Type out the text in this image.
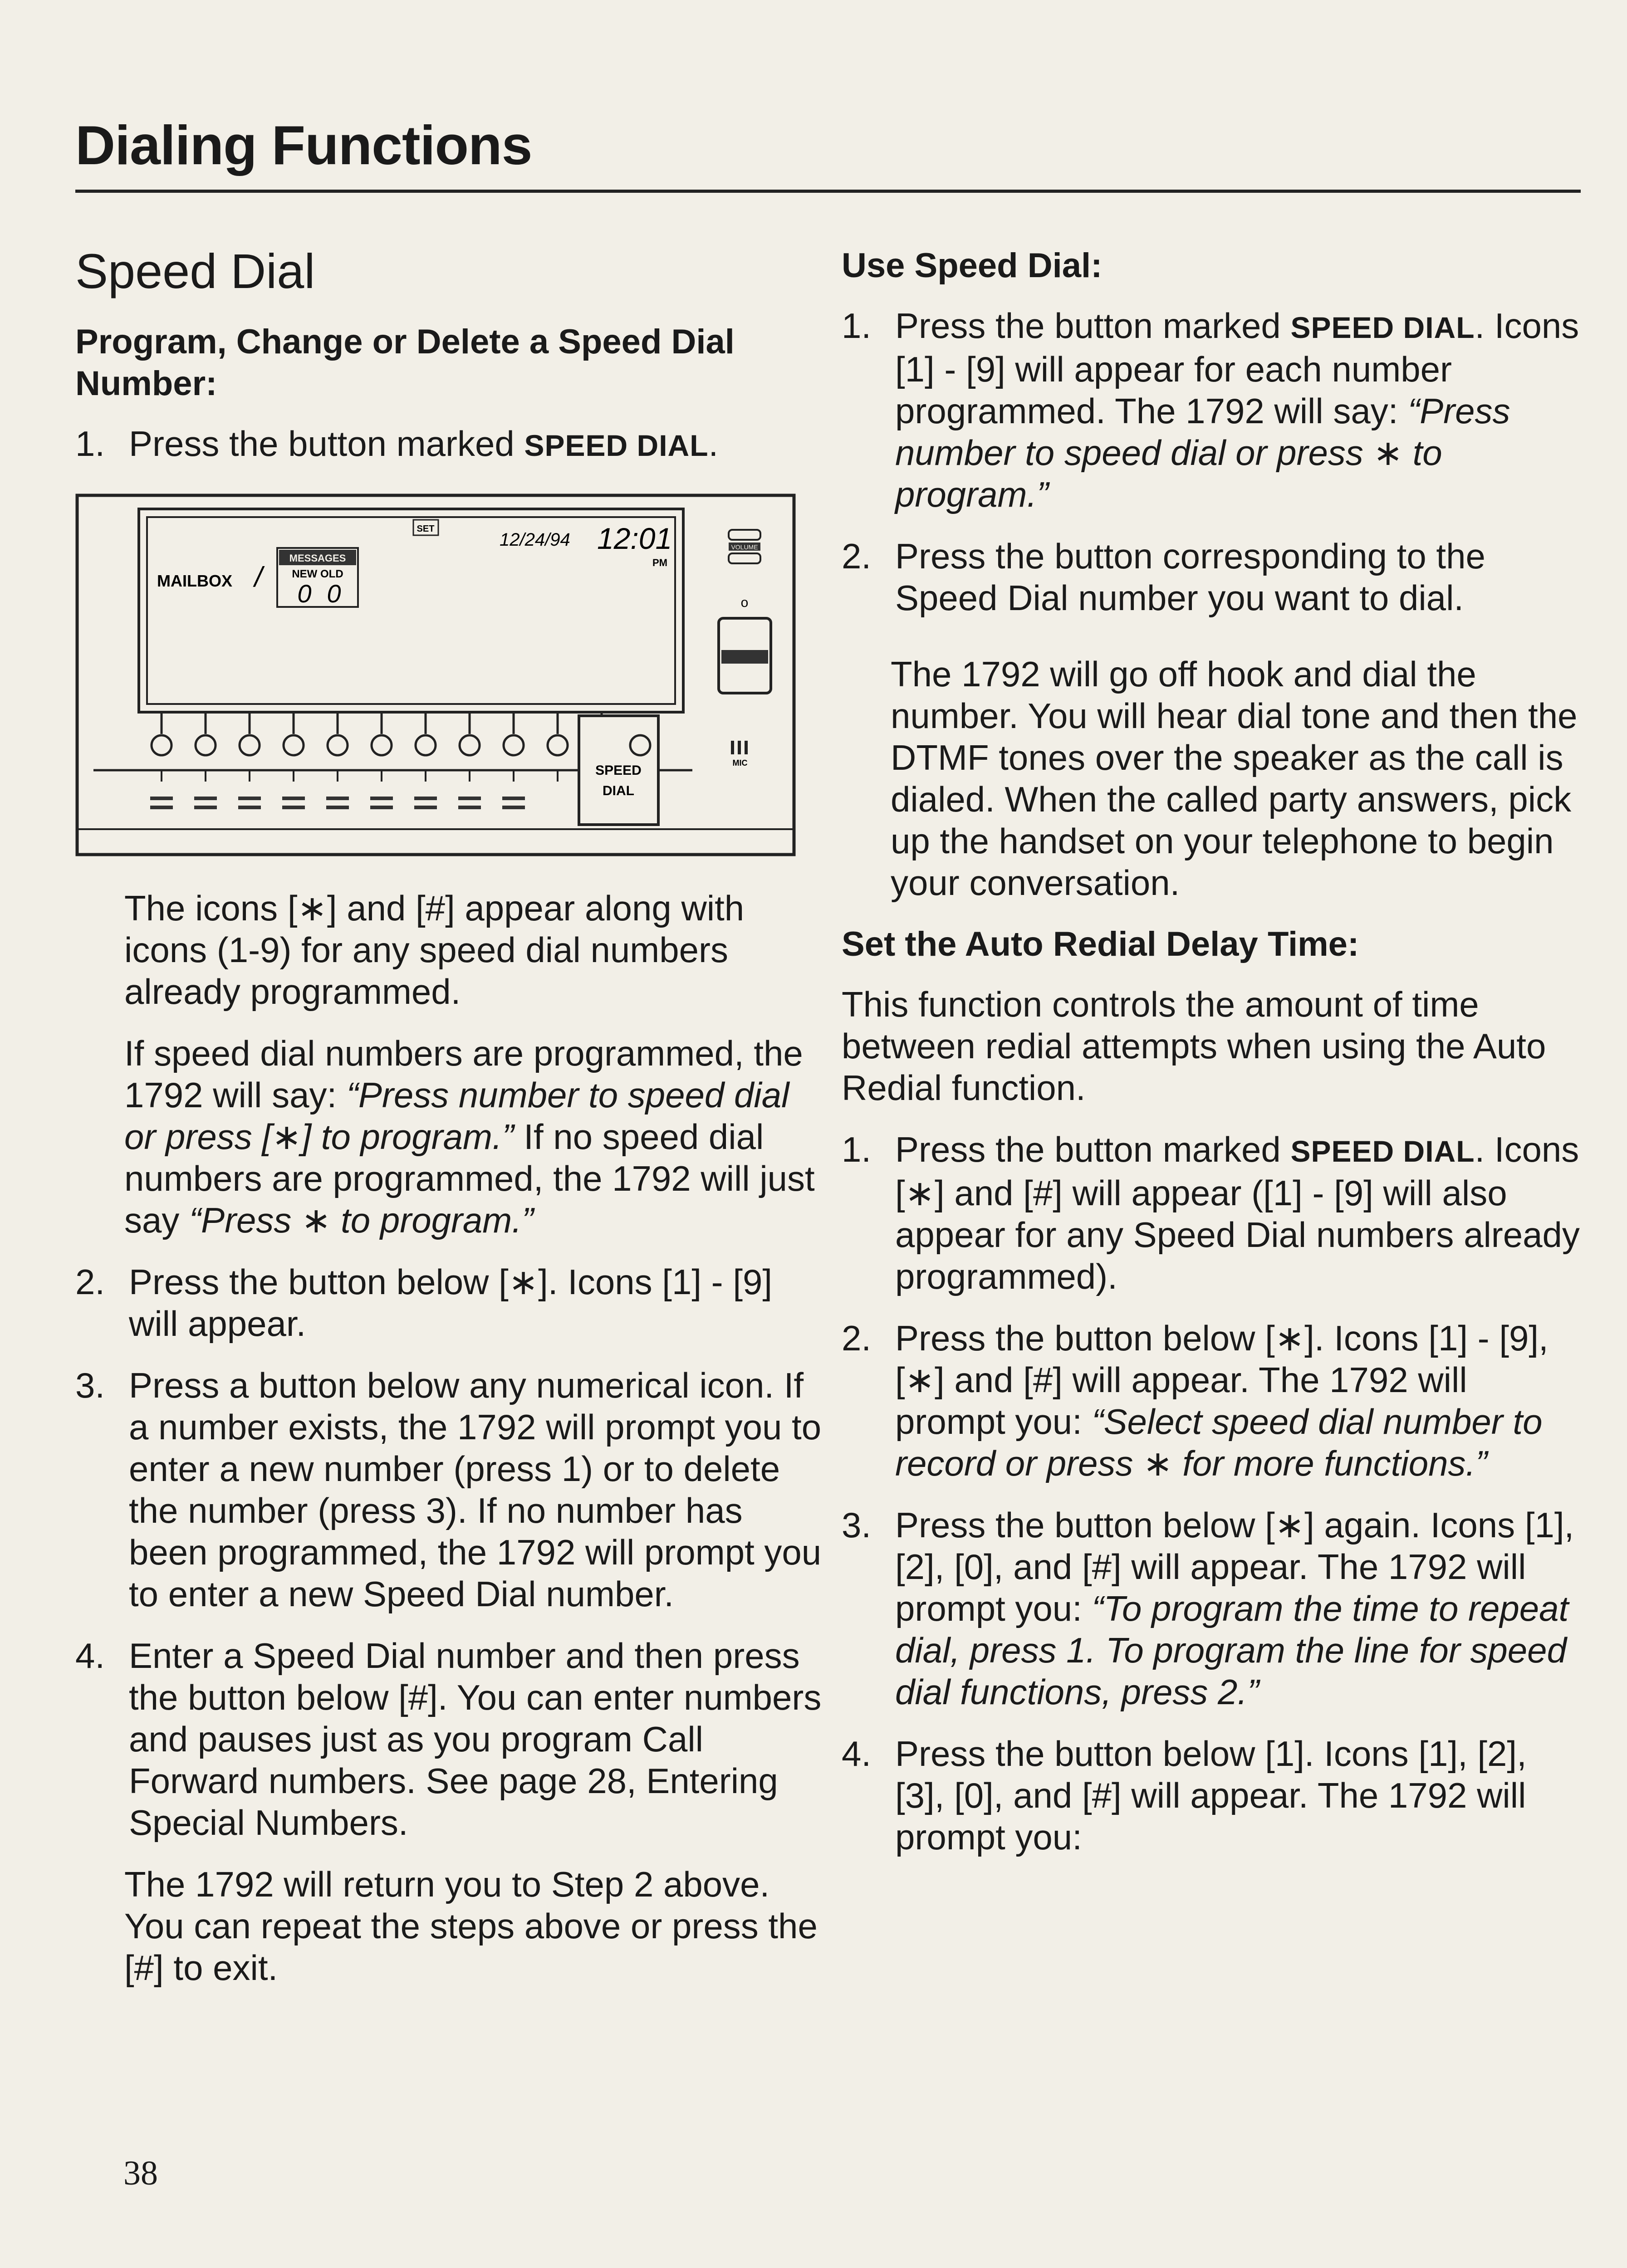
Dialing Functions
Speed Dial
Program, Change or Delete a Speed Dial Number:
1. Press the button marked SPEED DIAL.
MAILBOX /
MESSAGES
NEW OLD
0 0
SET
12/24/94 12:01
PM
VOLUME
o
SPEED
DIAL
MIC
The icons [∗] and [#] appear along with icons (1-9) for any speed dial numbers already programmed.
If speed dial numbers are programmed, the 1792 will say: “Press number to speed dial or press [∗] to program.” If no speed dial numbers are programmed, the 1792 will just say “Press ∗ to program.”
2. Press the button below [∗]. Icons [1] - [9] will appear.
3. Press a button below any numerical icon. If a number exists, the 1792 will prompt you to enter a new number (press 1) or to delete the number (press 3). If no number has been programmed, the 1792 will prompt you to enter a new Speed Dial number.
4. Enter a Speed Dial number and then press the button below [#]. You can enter numbers and pauses just as you program Call Forward numbers. See page 28, Entering Special Numbers.
The 1792 will return you to Step 2 above. You can repeat the steps above or press the [#] to exit.
Use Speed Dial:
1. Press the button marked SPEED DIAL. Icons [1] - [9] will appear for each number programmed. The 1792 will say: “Press number to speed dial or press ∗ to program.”
2. Press the button corresponding to the Speed Dial number you want to dial.
The 1792 will go off hook and dial the number. You will hear dial tone and then the DTMF tones over the speaker as the call is dialed. When the called party answers, pick up the handset on your telephone to begin your conversation.
Set the Auto Redial Delay Time:
This function controls the amount of time between redial attempts when using the Auto Redial function.
1. Press the button marked SPEED DIAL. Icons [∗] and [#] will appear ([1] - [9] will also appear for any Speed Dial numbers already programmed).
2. Press the button below [∗]. Icons [1] - [9], [∗] and [#] will appear. The 1792 will prompt you: “Select speed dial number to record or press ∗ for more functions.”
3. Press the button below [∗] again. Icons [1], [2], [0], and [#] will appear. The 1792 will prompt you: “To program the time to repeat dial, press 1. To program the line for speed dial functions, press 2.”
4. Press the button below [1]. Icons [1], [2], [3], [0], and [#] will appear. The 1792 will prompt you:
38
